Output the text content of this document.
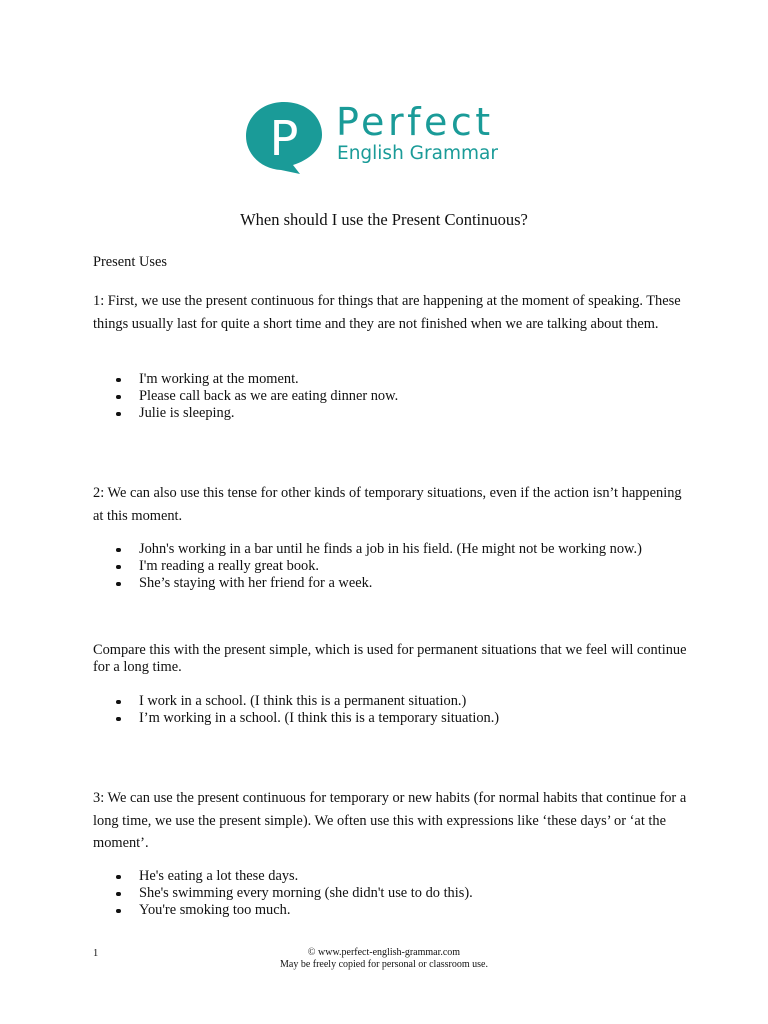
P Perfect
English Grammar
When should I use the Present Continuous?

Present Uses

1: First, we use the present continuous for things that are happening at the moment of speaking. These things usually last for quite a short time and they are not finished when we are talking about them.

I'm working at the moment.
Please call back as we are eating dinner now.
Julie is sleeping.

2: We can also use this tense for other kinds of temporary situations, even if the action isn’t happening at this moment.

John's working in a bar until he finds a job in his field. (He might not be working now.)
I'm reading a really great book.
She’s staying with her friend for a week.

Compare this with the present simple, which is used for permanent situations that we feel will continue for a long time.

I work in a school. (I think this is a permanent situation.)
I’m working in a school. (I think this is a temporary situation.)

3: We can use the present continuous for temporary or new habits (for normal habits that continue for a long time, we use the present simple). We often use this with expressions like ‘these days’ or ‘at the moment’.

He's eating a lot these days.
She's swimming every morning (she didn't use to do this).
You're smoking too much.
1	© www.perfect-english-grammar.com
May be freely copied for personal or classroom use.
